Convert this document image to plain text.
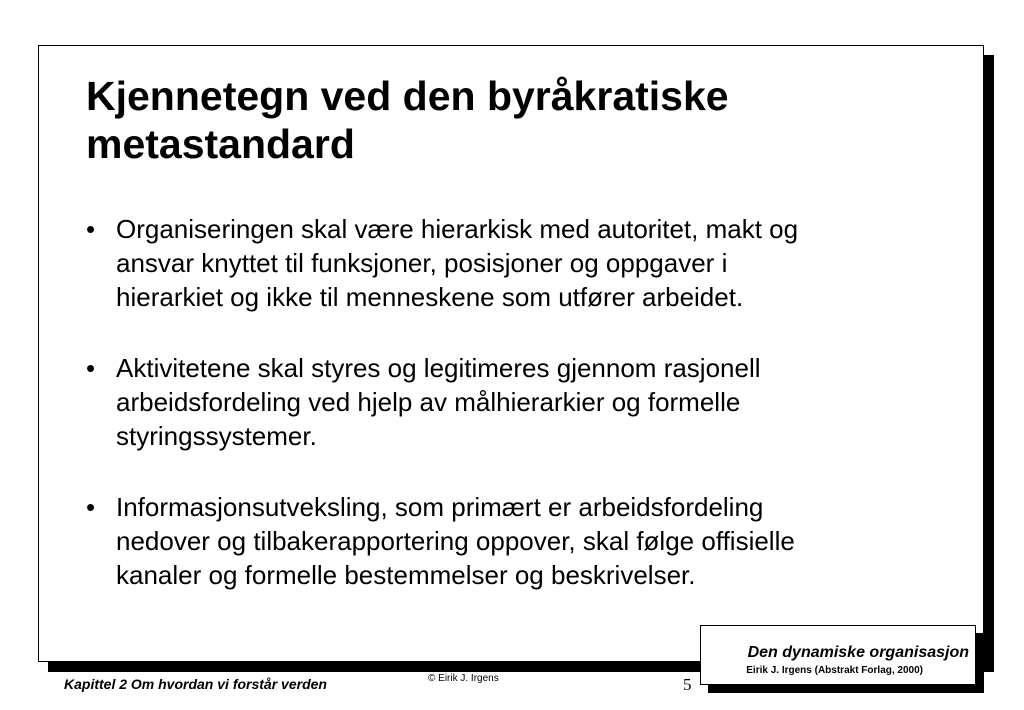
Kjennetegn ved den byråkratiske
metastandard
• Organiseringen skal være hierarkisk med autoritet, makt og
ansvar knyttet til funksjoner, posisjoner og oppgaver i
hierarkiet og ikke til menneskene som utfører arbeidet.
• Aktivitetene skal styres og legitimeres gjennom rasjonell
arbeidsfordeling ved hjelp av målhierarkier og formelle
styringssystemer.
• Informasjonsutveksling, som primært er arbeidsfordeling
nedover og tilbakerapportering oppover, skal følge offisielle
kanaler og formelle bestemmelser og beskrivelser.
Den dynamiske organisasjon
Eirik J. Irgens (Abstrakt Forlag, 2000)
Kapittel 2 Om hvordan vi forstår verden	© Eirik J. Irgens	5
